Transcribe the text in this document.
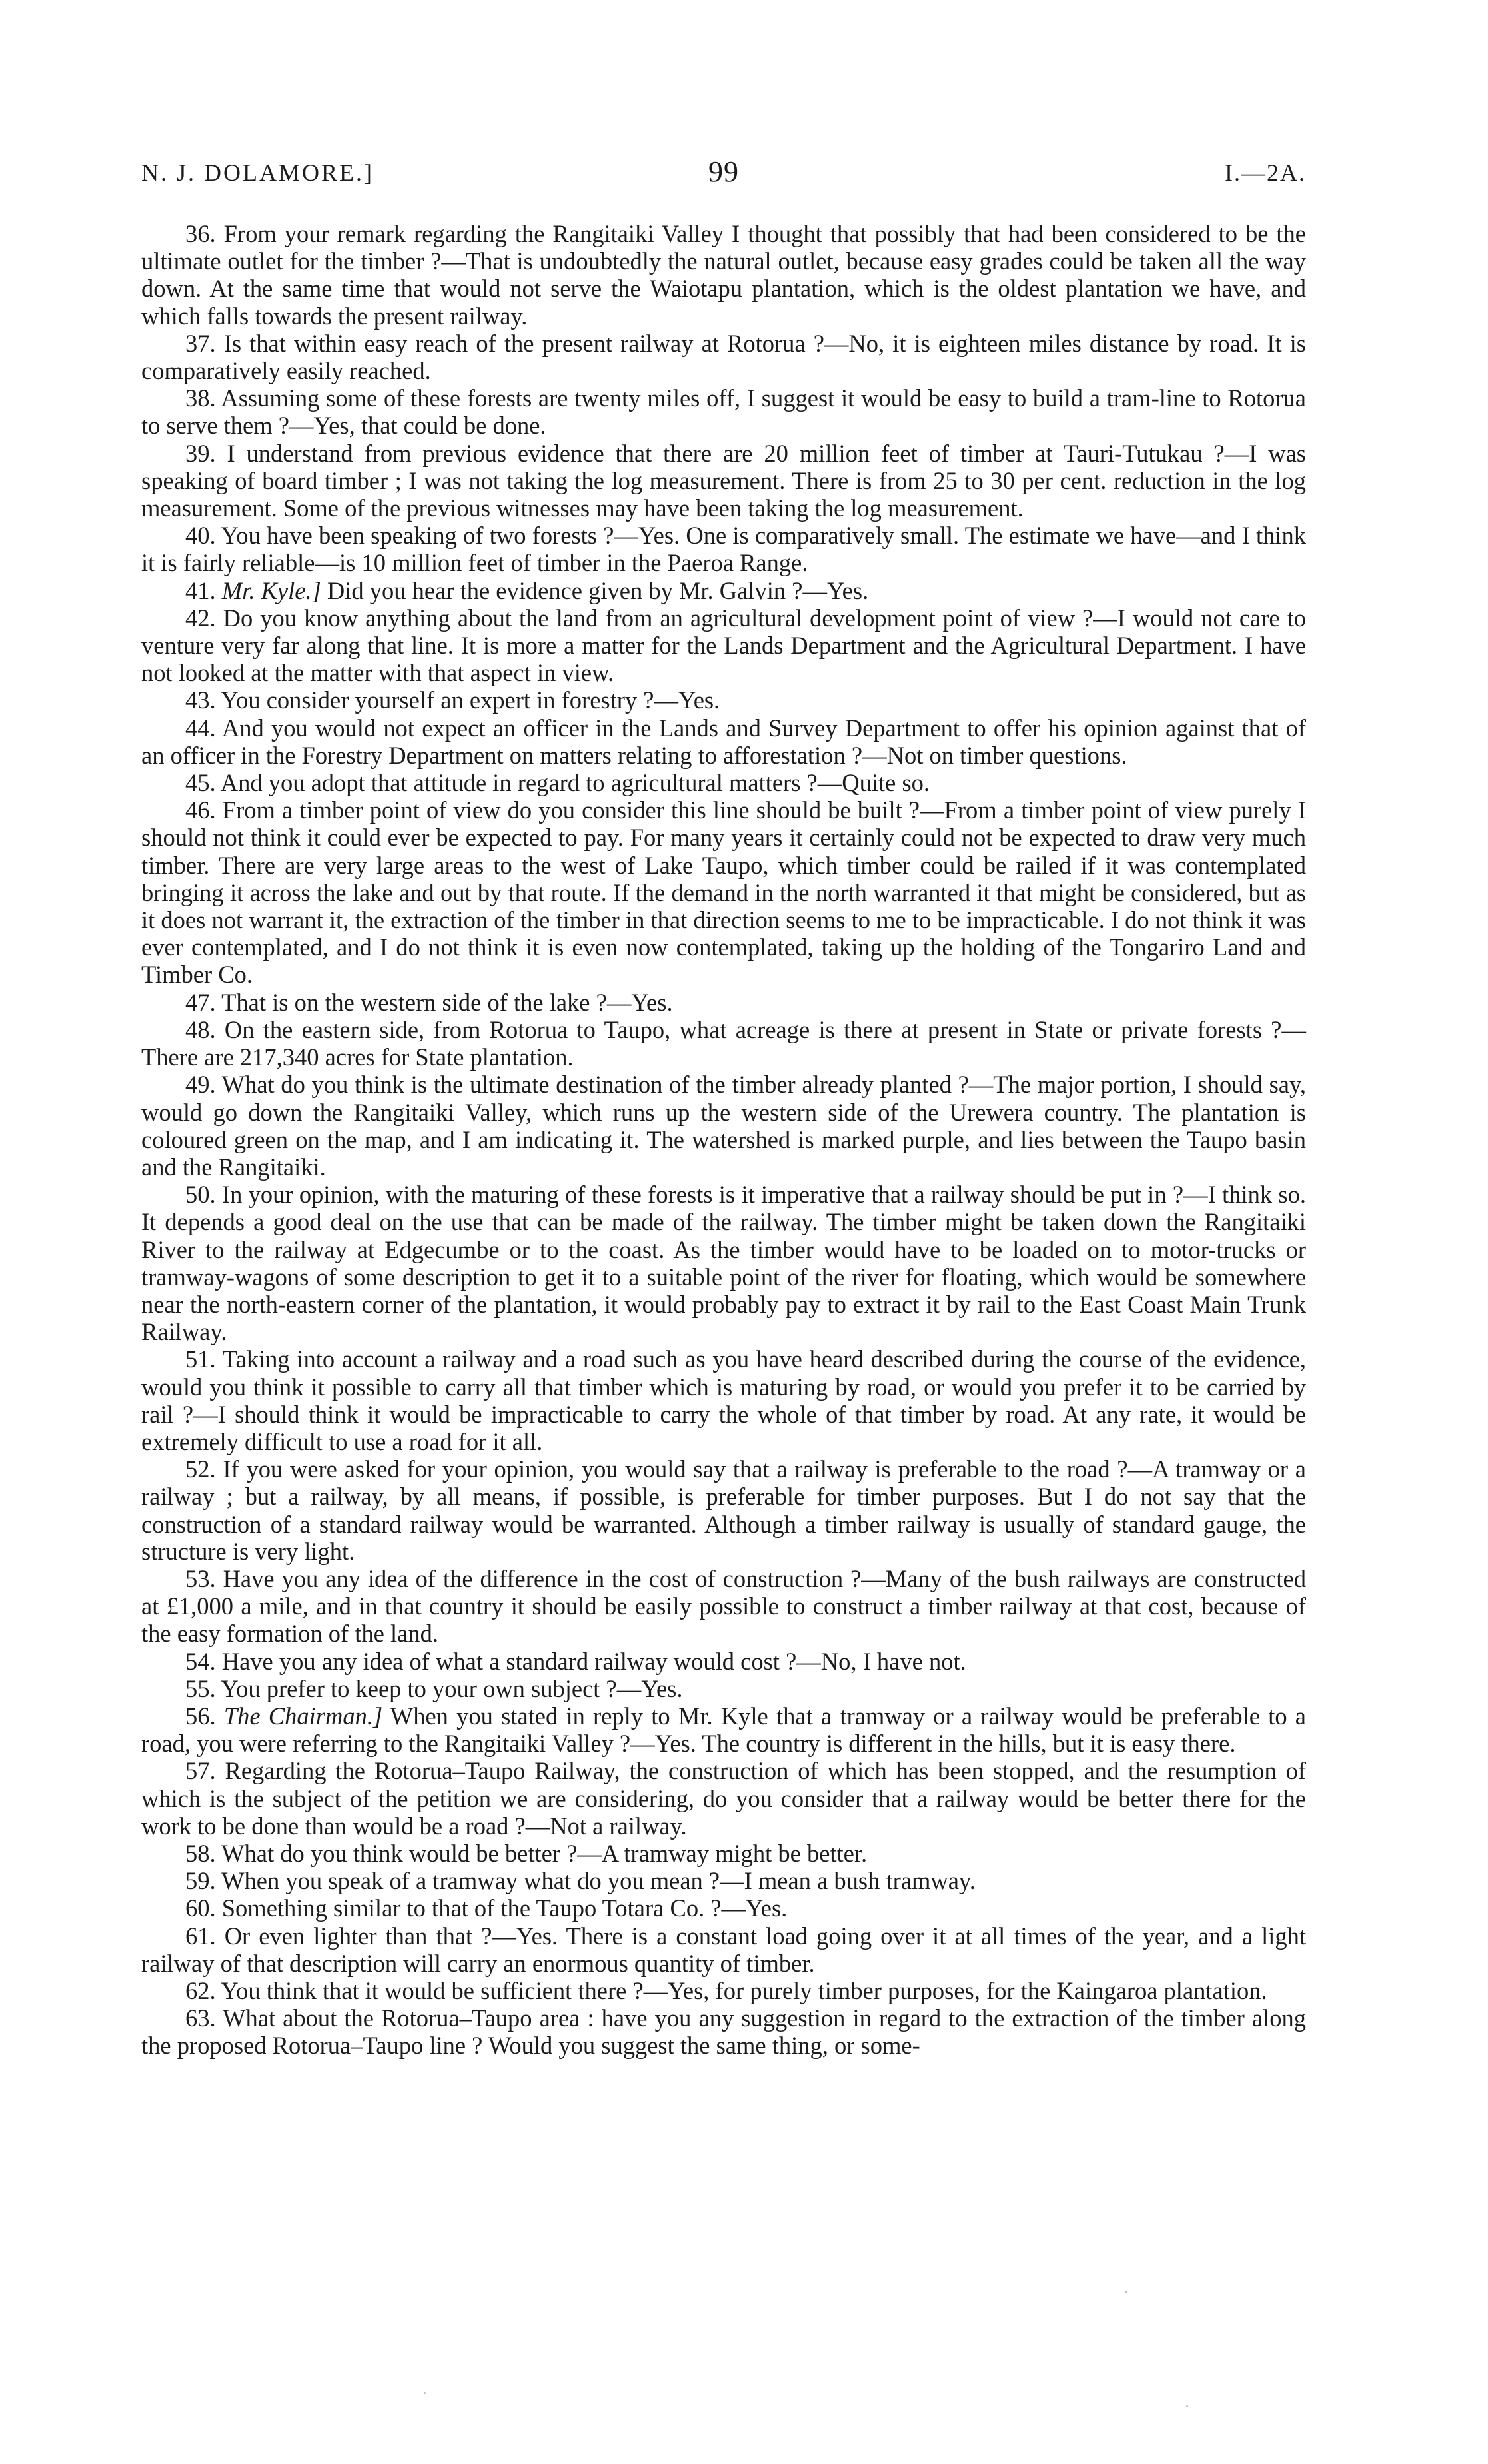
N. J. DOLAMORE.]	99	I.—2A.

36. From your remark regarding the Rangitaiki Valley I thought that possibly that had been considered to be the ultimate outlet for the timber ?—That is undoubtedly the natural outlet, because easy grades could be taken all the way down. At the same time that would not serve the Waiotapu plantation, which is the oldest plantation we have, and which falls towards the present railway.

37. Is that within easy reach of the present railway at Rotorua ?—No, it is eighteen miles distance by road. It is comparatively easily reached.

38. Assuming some of these forests are twenty miles off, I suggest it would be easy to build a tram-line to Rotorua to serve them ?—Yes, that could be done.

39. I understand from previous evidence that there are 20 million feet of timber at Tauri-Tutukau ?—I was speaking of board timber ; I was not taking the log measurement. There is from 25 to 30 per cent. reduction in the log measurement. Some of the previous witnesses may have been taking the log measurement.

40. You have been speaking of two forests ?—Yes. One is comparatively small. The estimate we have—and I think it is fairly reliable—is 10 million feet of timber in the Paeroa Range.

41. Mr. Kyle.] Did you hear the evidence given by Mr. Galvin ?—Yes.

42. Do you know anything about the land from an agricultural development point of view ?—I would not care to venture very far along that line. It is more a matter for the Lands Department and the Agricultural Department. I have not looked at the matter with that aspect in view.

43. You consider yourself an expert in forestry ?—Yes.

44. And you would not expect an officer in the Lands and Survey Department to offer his opinion against that of an officer in the Forestry Department on matters relating to afforestation ?—Not on timber questions.

45. And you adopt that attitude in regard to agricultural matters ?—Quite so.

46. From a timber point of view do you consider this line should be built ?—From a timber point of view purely I should not think it could ever be expected to pay. For many years it certainly could not be expected to draw very much timber. There are very large areas to the west of Lake Taupo, which timber could be railed if it was contemplated bringing it across the lake and out by that route. If the demand in the north warranted it that might be considered, but as it does not warrant it, the extraction of the timber in that direction seems to me to be impracticable. I do not think it was ever contemplated, and I do not think it is even now contemplated, taking up the holding of the Tongariro Land and Timber Co.

47. That is on the western side of the lake ?—Yes.

48. On the eastern side, from Rotorua to Taupo, what acreage is there at present in State or private forests ?—There are 217,340 acres for State plantation.

49. What do you think is the ultimate destination of the timber already planted ?—The major portion, I should say, would go down the Rangitaiki Valley, which runs up the western side of the Urewera country. The plantation is coloured green on the map, and I am indicating it. The watershed is marked purple, and lies between the Taupo basin and the Rangitaiki.

50. In your opinion, with the maturing of these forests is it imperative that a railway should be put in ?—I think so. It depends a good deal on the use that can be made of the railway. The timber might be taken down the Rangitaiki River to the railway at Edgecumbe or to the coast. As the timber would have to be loaded on to motor-trucks or tramway-wagons of some description to get it to a suitable point of the river for floating, which would be somewhere near the north-eastern corner of the plantation, it would probably pay to extract it by rail to the East Coast Main Trunk Railway.

51. Taking into account a railway and a road such as you have heard described during the course of the evidence, would you think it possible to carry all that timber which is maturing by road, or would you prefer it to be carried by rail ?—I should think it would be impracticable to carry the whole of that timber by road. At any rate, it would be extremely difficult to use a road for it all.

52. If you were asked for your opinion, you would say that a railway is preferable to the road ?—A tramway or a railway ; but a railway, by all means, if possible, is preferable for timber purposes. But I do not say that the construction of a standard railway would be warranted. Although a timber railway is usually of standard gauge, the structure is very light.

53. Have you any idea of the difference in the cost of construction ?—Many of the bush railways are constructed at £1,000 a mile, and in that country it should be easily possible to construct a timber railway at that cost, because of the easy formation of the land.

54. Have you any idea of what a standard railway would cost ?—No, I have not.

55. You prefer to keep to your own subject ?—Yes.

56. The Chairman.] When you stated in reply to Mr. Kyle that a tramway or a railway would be preferable to a road, you were referring to the Rangitaiki Valley ?—Yes. The country is different in the hills, but it is easy there.

57. Regarding the Rotorua–Taupo Railway, the construction of which has been stopped, and the resumption of which is the subject of the petition we are considering, do you consider that a railway would be better there for the work to be done than would be a road ?—Not a railway.

58. What do you think would be better ?—A tramway might be better.

59. When you speak of a tramway what do you mean ?—I mean a bush tramway.

60. Something similar to that of the Taupo Totara Co. ?—Yes.

61. Or even lighter than that ?—Yes. There is a constant load going over it at all times of the year, and a light railway of that description will carry an enormous quantity of timber.

62. You think that it would be sufficient there ?—Yes, for purely timber purposes, for the Kaingaroa plantation.

63. What about the Rotorua–Taupo area : have you any suggestion in regard to the extraction of the timber along the proposed Rotorua–Taupo line ? Would you suggest the same thing, or some-
